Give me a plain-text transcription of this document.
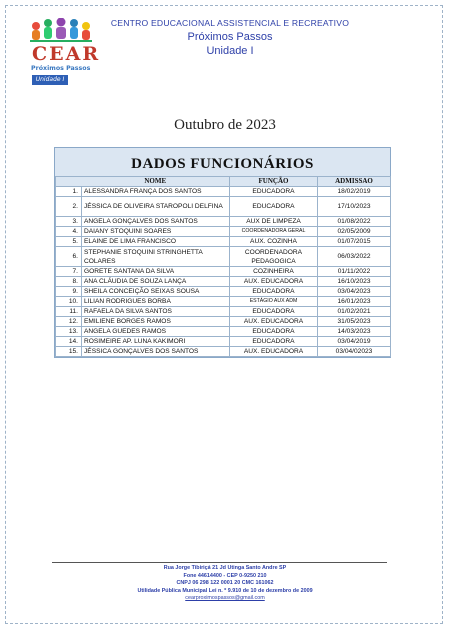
CEAR
Próximos Passos
Unidade I
CENTRO EDUCACIONAL ASSISTENCIAL E RECREATIVO
Próximos Passos
Unidade I
Outubro de 2023
DADOS FUNCIONÁRIOS
	NOME	FUNÇÃO	ADMISSAO
1.	ALESSANDRA FRANÇA DOS SANTOS	EDUCADORA	18/02/2019
2.	JÉSSICA DE OLIVEIRA STAROPOLI DELFINA	EDUCADORA	17/10/2023
3.	ANGELA GONÇALVES DOS SANTOS	AUX DE LIMPEZA	01/08/2022
4.	DAIANY STOQUINI SOARES	COORDENADORA GERAL	02/05/2009
5.	ELAINE DE LIMA FRANCISCO	AUX. COZINHA	01/07/2015
6.	STEPHANIE STOQUINI STRINGHETTA COLARES	COORDENADORA PEDAGOGICA	06/03/2022
7.	GORETE SANTANA DA SILVA	COZINHEIRA	01/11/2022
8.	ANA CLÁUDIA DE SOUZA LANÇA	AUX. EDUCADORA	16/10/2023
9.	SHEILA CONCEIÇÃO SEIXAS SOUSA	EDUCADORA	03/04/2023
10.	LILIAN RODRIGUES BORBA	ESTÁGIO AUX ADM	16/01/2023
11.	RAFAELA DA SILVA SANTOS	EDUCADORA	01/02/2021
12.	EMILIENE BORGES RAMOS	AUX. EDUCADORA	31/05/2023
13.	ANGELA GUEDES RAMOS	EDUCADORA	14/03/2023
14.	ROSIMEIRE AP. LUNA KAKIMORI	EDUCADORA	03/04/2019
15.	JÉSSICA GONÇALVES DOS SANTOS	AUX. EDUCADORA	03/04/02023
Rua Jorge Tibiriçá 21 Jd Utinga Santo Andre SP
Fone 44614400 - CEP 0-9250 210
CNPJ 06 298 122 0001 20 CMC 161062
Utilidade Pública Municipal Lei n. º 9.910 de 10 de dezembro de 2009
cearproximospassos@gmail.com
